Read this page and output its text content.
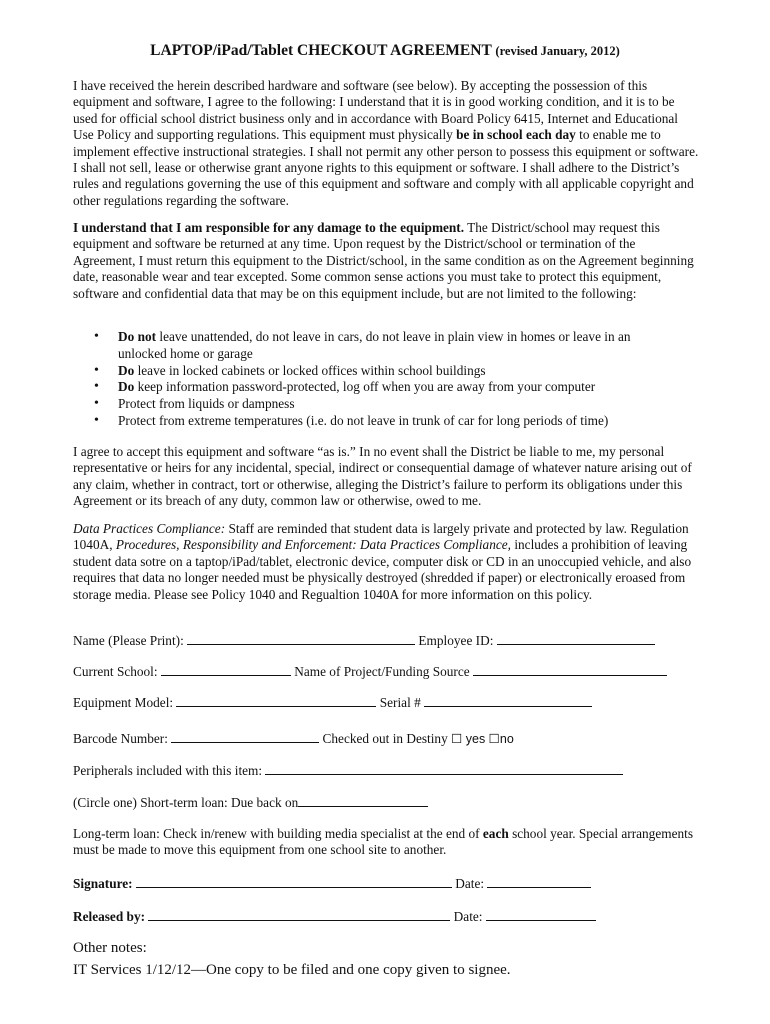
LAPTOP/iPad/Tablet CHECKOUT AGREEMENT (revised January, 2012)
I have received the herein described hardware and software (see below). By accepting the possession of this equipment and software, I agree to the following: I understand that it is in good working condition, and it is to be used for official school district business only and in accordance with Board Policy 6415, Internet and Educational Use Policy and supporting regulations. This equipment must physically be in school each day to enable me to implement effective instructional strategies. I shall not permit any other person to possess this equipment or software. I shall not sell, lease or otherwise grant anyone rights to this equipment or software. I shall adhere to the District’s rules and regulations governing the use of this equipment and software and comply with all applicable copyright and other regulations regarding the software.
I understand that I am responsible for any damage to the equipment. The District/school may request this equipment and software be returned at any time. Upon request by the District/school or termination of the Agreement, I must return this equipment to the District/school, in the same condition as on the Agreement beginning date, reasonable wear and tear excepted. Some common sense actions you must take to protect this equipment, software and confidential data that may be on this equipment include, but are not limited to the following:
• Do not leave unattended, do not leave in cars, do not leave in plain view in homes or leave in an unlocked home or garage
• Do leave in locked cabinets or locked offices within school buildings
• Do keep information password-protected, log off when you are away from your computer
• Protect from liquids or dampness
• Protect from extreme temperatures (i.e. do not leave in trunk of car for long periods of time)
I agree to accept this equipment and software “as is.” In no event shall the District be liable to me, my personal representative or heirs for any incidental, special, indirect or consequential damage of whatever nature arising out of any claim, whether in contract, tort or otherwise, alleging the District’s failure to perform its obligations under this Agreement or its breach of any duty, common law or otherwise, owed to me.
Data Practices Compliance: Staff are reminded that student data is largely private and protected by law. Regulation 1040A, Procedures, Responsibility and Enforcement: Data Practices Compliance, includes a prohibition of leaving student data sotre on a taptop/iPad/tablet, electronic device, computer disk or CD in an unoccupied vehicle, and also requires that data no longer needed must be physically destroyed (shredded if paper) or electronically eroased from storage media. Please see Policy 1040 and Regualtion 1040A for more information on this policy.
Name (Please Print):	Employee ID:
Current School:	Name of Project/Funding Source
Equipment Model:	Serial #
Barcode Number:	Checked out in Destiny ☐ yes ☐no
Peripherals included with this item:
(Circle one) Short-term loan: Due back on
Long-term loan: Check in/renew with building media specialist at the end of each school year. Special arrangements must be made to move this equipment from one school site to another.
Signature:	Date:
Released by:	Date:
Other notes:
IT Services 1/12/12—One copy to be filed and one copy given to signee.
